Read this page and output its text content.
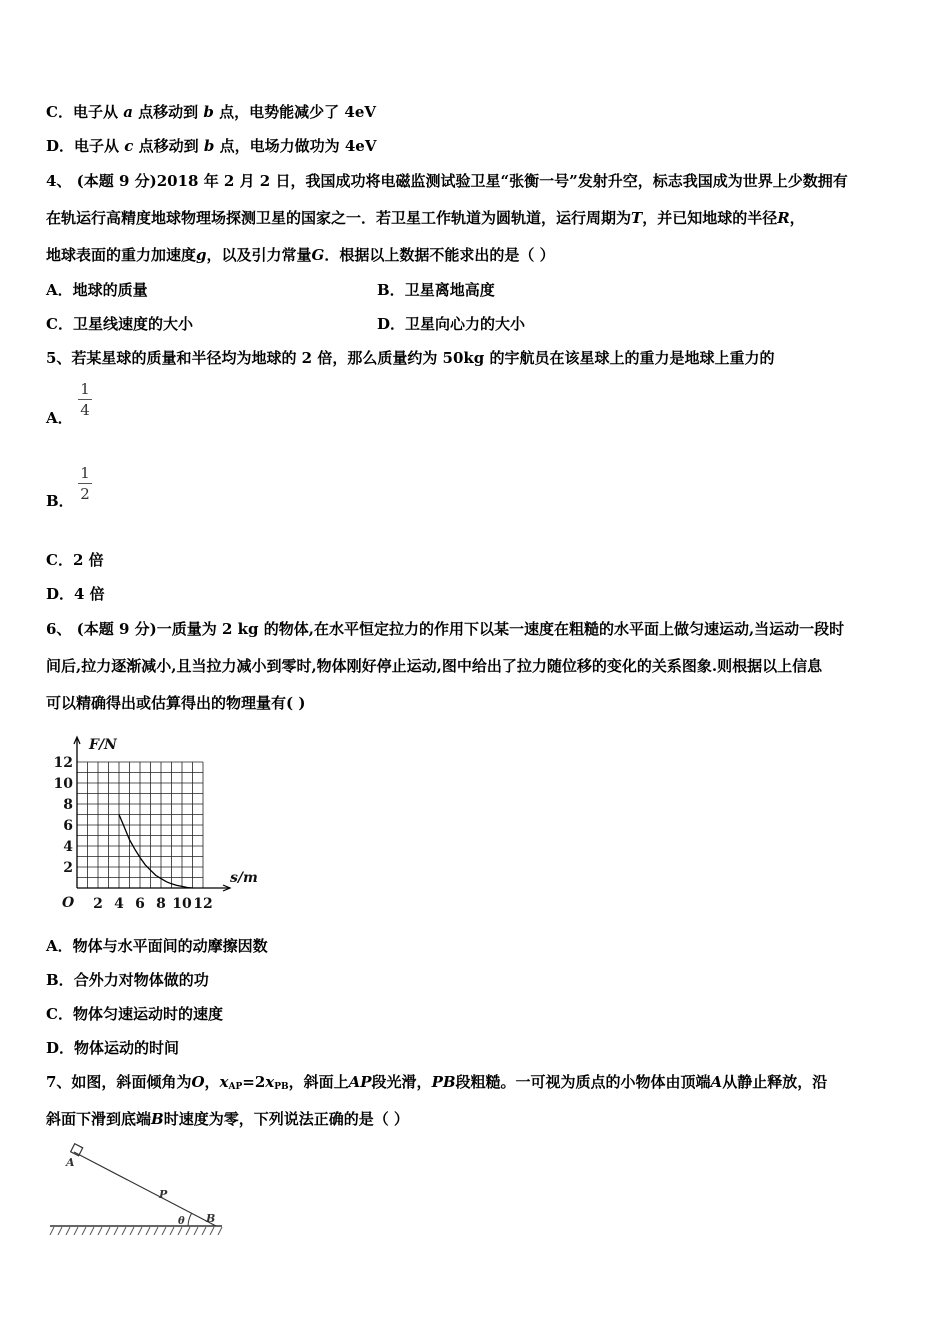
C．电子从 a 点移动到 b 点，电势能减少了 4eV
D．电子从 c 点移动到 b 点，电场力做功为 4eV
4、 (本题 9 分)2018 年 2 月 2 日，我国成功将电磁监测试验卫星“张衡一号”发射升空，标志我国成为世界上少数拥有
在轨运行高精度地球物理场探测卫星的国家之一．若卫星工作轨道为圆轨道，运行周期为T，并已知地球的半径R，
地球表面的重力加速度g，以及引力常量G．根据以上数据不能求出的是（ ）
A．地球的质量	B．卫星离地高度
C．卫星线速度的大小	D．卫星向心力的大小
5、若某星球的质量和半径均为地球的 2 倍，那么质量约为 50kg 的宇航员在该星球上的重力是地球上重力的
A．
1
4
B．
1
2
C．2 倍
D．4 倍
6、 (本题 9 分)一质量为 2 kg 的物体,在水平恒定拉力的作用下以某一速度在粗糙的水平面上做匀速运动,当运动一段时
间后,拉力逐渐减小,且当拉力减小到零时,物体刚好停止运动,图中给出了拉力随位移的变化的关系图象.则根据以上信息
可以精确得出或估算得出的物理量有( )
2
4
6
8
10
12
2 4 6 8 10 12
O
F/N
s/m
A．物体与水平面间的动摩擦因数
B．合外力对物体做的功
C．物体匀速运动时的速度
D．物体运动的时间
7、如图，斜面倾角为O，$x_{AP}=2x_{PB}$，斜面上AP段光滑，PB段粗糙。一可视为质点的小物体由顶端A从静止释放，沿
斜面下滑到底端B时速度为零，下列说法正确的是（ ）
A
P
B
θ
